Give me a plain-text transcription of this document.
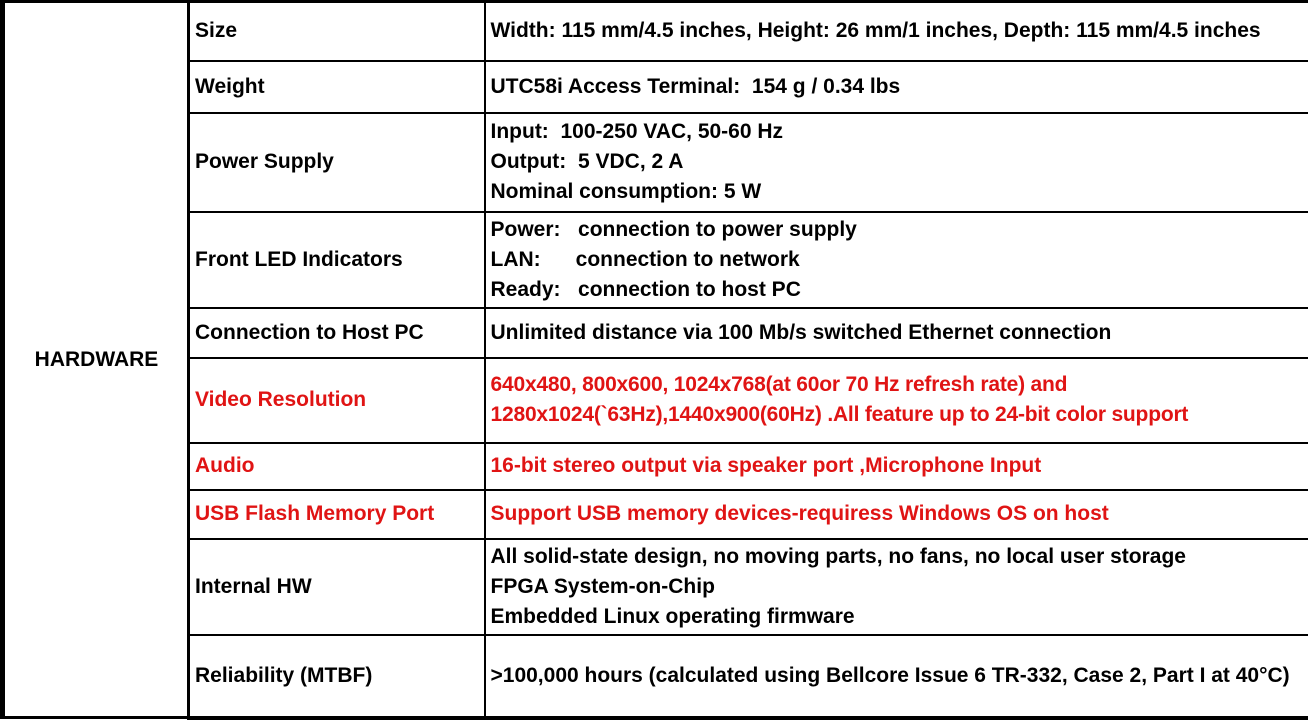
HARDWARE	Size	Width: 115 mm/4.5 inches, Height: 26 mm/1 inches, Depth: 115 mm/4.5 inches

	Weight	UTC58i Access Terminal:  154 g / 0.34 lbs

	Power Supply	Input:  100-250 VAC, 50-60 Hz
Output:  5 VDC, 2 A
Nominal consumption: 5 W

	Front LED Indicators	Power:   connection to power supply
LAN:      connection to network
Ready:   connection to host PC

	Connection to Host PC	Unlimited distance via 100 Mb/s switched Ethernet connection

	Video Resolution	640x480, 800x600, 1024x768(at 60or 70 Hz refresh rate) and
1280x1024(`63Hz),1440x900(60Hz) .All feature up to 24-bit color support

	Audio	16-bit stereo output via speaker port ,Microphone Input

	USB Flash Memory Port	Support USB memory devices-requiress Windows OS on host

	Internal HW	All solid-state design, no moving parts, no fans, no local user storage
FPGA System-on-Chip
Embedded Linux operating firmware

	Reliability (MTBF)	>100,000 hours (calculated using Bellcore Issue 6 TR-332, Case 2, Part I at 40°C)
